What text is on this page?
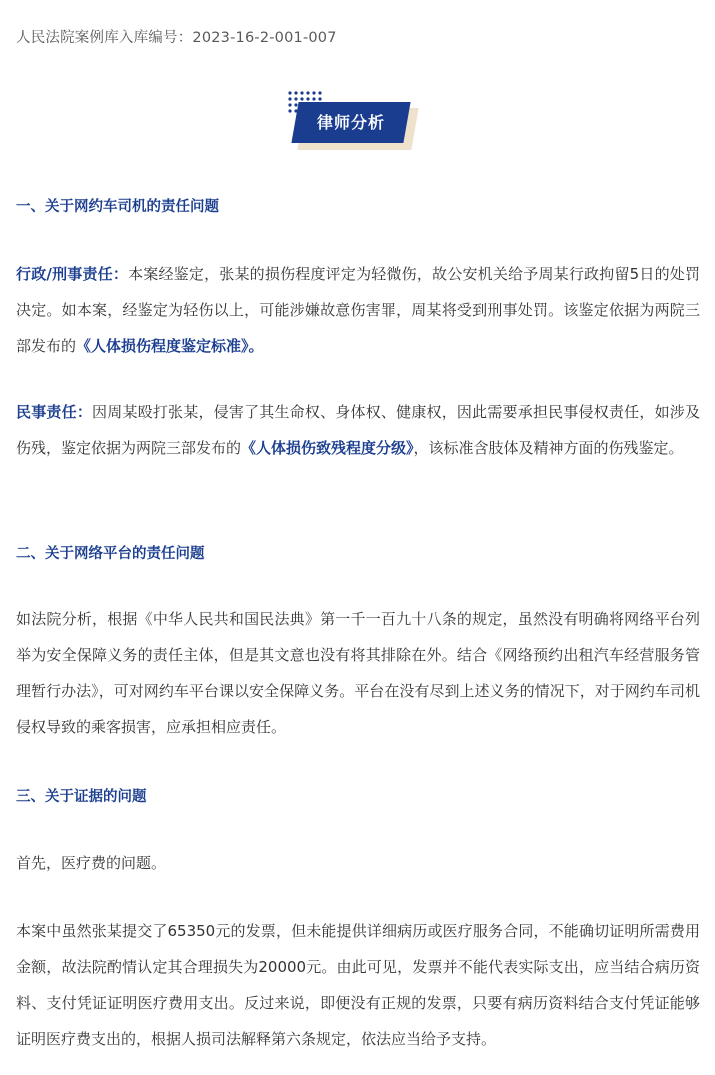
人民法院案例库入库编号：2023-16-2-001-007
律师分析
一、关于网约车司机的责任问题
行政/刑事责任：本案经鉴定，张某的损伤程度评定为轻微伤，故公安机关给予周某行政拘留5日的处罚决定。如本案，经鉴定为轻伤以上，可能涉嫌故意伤害罪，周某将受到刑事处罚。该鉴定依据为两院三部发布的《人体损伤程度鉴定标准》。
民事责任：因周某殴打张某，侵害了其生命权、身体权、健康权，因此需要承担民事侵权责任，如涉及伤残，鉴定依据为两院三部发布的《人体损伤致残程度分级》，该标准含肢体及精神方面的伤残鉴定。
二、关于网络平台的责任问题
如法院分析，根据《中华人民共和国民法典》第一千一百九十八条的规定，虽然没有明确将网络平台列举为安全保障义务的责任主体，但是其文意也没有将其排除在外。结合《网络预约出租汽车经营服务管理暂行办法》，可对网约车平台课以安全保障义务。平台在没有尽到上述义务的情况下，对于网约车司机侵权导致的乘客损害，应承担相应责任。
三、关于证据的问题
首先，医疗费的问题。
本案中虽然张某提交了65350元的发票，但未能提供详细病历或医疗服务合同，不能确切证明所需费用金额，故法院酌情认定其合理损失为20000元。由此可见，发票并不能代表实际支出，应当结合病历资料、支付凭证证明医疗费用支出。反过来说，即便没有正规的发票，只要有病历资料结合支付凭证能够证明医疗费支出的，根据人损司法解释第六条规定，依法应当给予支持。
